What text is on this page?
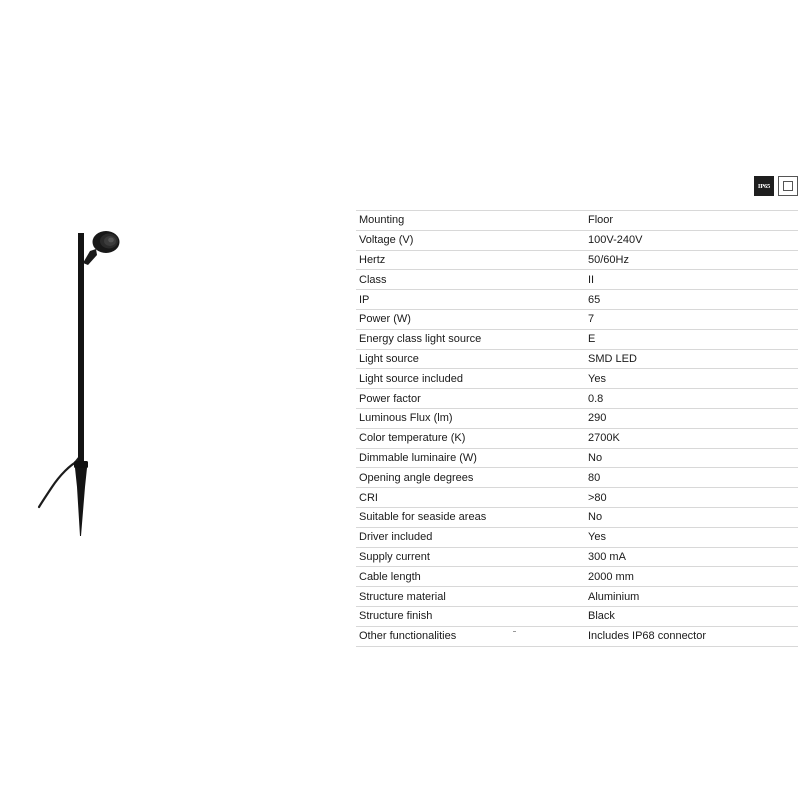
IP65
Mounting	Floor
Voltage (V)	100V-240V
Hertz	50/60Hz
Class	II
IP	65
Power (W)	7
Energy class light source	E
Light source	SMD LED
Light source included	Yes
Power factor	0.8
Luminous Flux (lm)	290
Color temperature (K)	2700K
Dimmable luminaire (W)	No
Opening angle degrees	80
CRI	>80
Suitable for seaside areas	No
Driver included	Yes
Supply current	300 mA
Cable length	2000 mm
Structure material	Aluminium
Structure finish	Black
Other functionalities	Includes IP68 connector
